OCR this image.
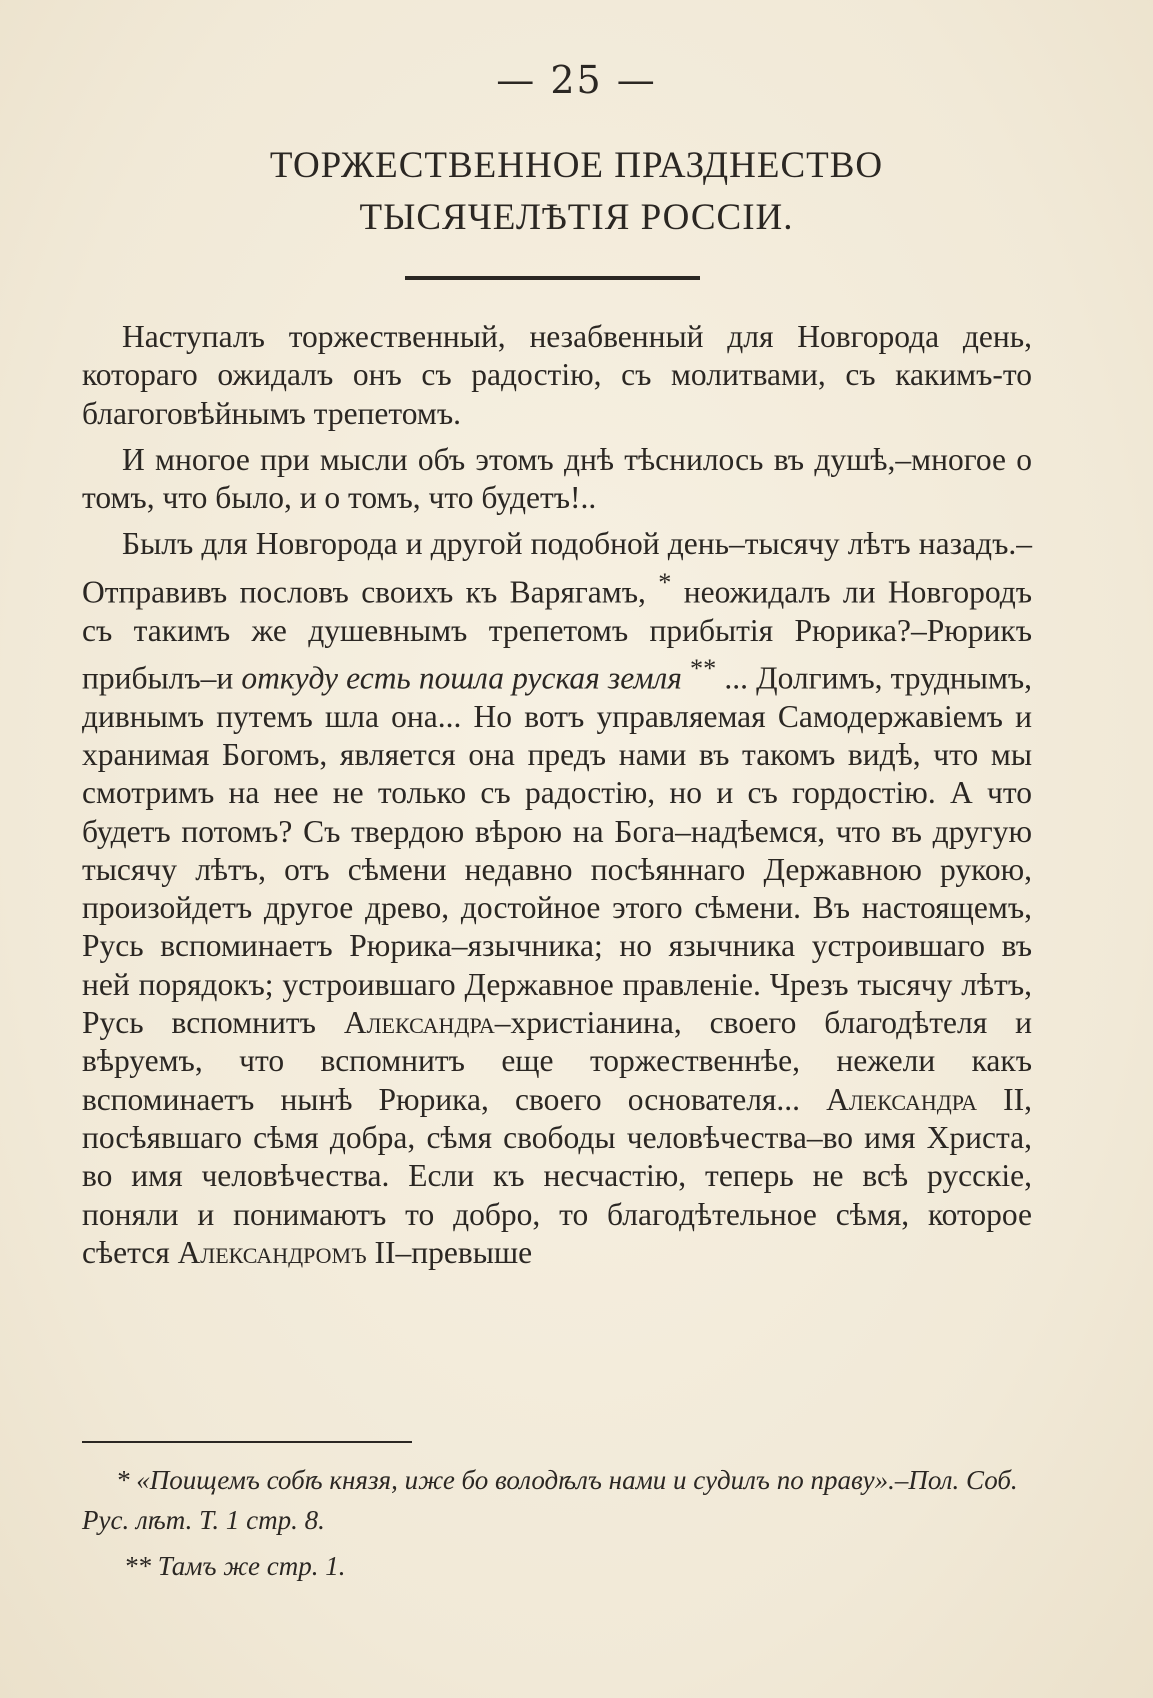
— 25 —
ТОРЖЕСТВЕННОЕ ПРАЗДНЕСТВО
ТЫСЯЧЕЛѢТІЯ РОССІИ.

Наступалъ торжественный, незабвенный для Новгорода день, котораго ожидалъ онъ съ радостію, съ молитвами, съ какимъ-то благоговѣйнымъ трепетомъ.

И многое при мысли объ этомъ днѣ тѣснилось въ душѣ,–многое о томъ, что было, и о томъ, что будетъ!..

Былъ для Новгорода и другой подобной день–тысячу лѣтъ назадъ.–Отправивъ пословъ своихъ къ Варягамъ, * неожидалъ ли Новгородъ съ такимъ же душевнымъ трепетомъ прибытія Рюрика?–Рюрикъ прибылъ–и откуду есть пошла руская земля ** ... Долгимъ, труднымъ, дивнымъ путемъ шла она... Но вотъ управляемая Самодержавіемъ и хранимая Богомъ, является она предъ нами въ такомъ видѣ, что мы смотримъ на нее не только съ радостію, но и съ гордостію. А что будетъ потомъ? Съ твердою вѣрою на Бога–надѣемся, что въ другую тысячу лѣтъ, отъ сѣмени недавно посѣяннаго Державною рукою, произойдетъ другое древо, достойное этого сѣмени. Въ настоящемъ, Русь вспоминаетъ Рюрика–язычника; но язычника устроившаго въ ней порядокъ; устроившаго Державное правленіе. Чрезъ тысячу лѣтъ, Русь вспомнитъ Александра–христіанина, своего благодѣтеля и вѣруемъ, что вспомнитъ еще торжественнѣе, нежели какъ вспоминаетъ нынѣ Рюрика, своего основателя... Александра II, посѣявшаго сѣмя добра, сѣмя свободы человѣчества–во имя Христа, во имя человѣчества. Если къ несчастію, теперь не всѣ русскіе, поняли и понимаютъ то добро, то благодѣтельное сѣмя, которое сѣется Александромъ II–превыше

* «Поищемъ собѣ князя, иже бо володѣлъ нами и судилъ по праву».–Пол. Соб. Рус. лѣт. Т. 1 стр. 8.

** Тамъ же стр. 1.
